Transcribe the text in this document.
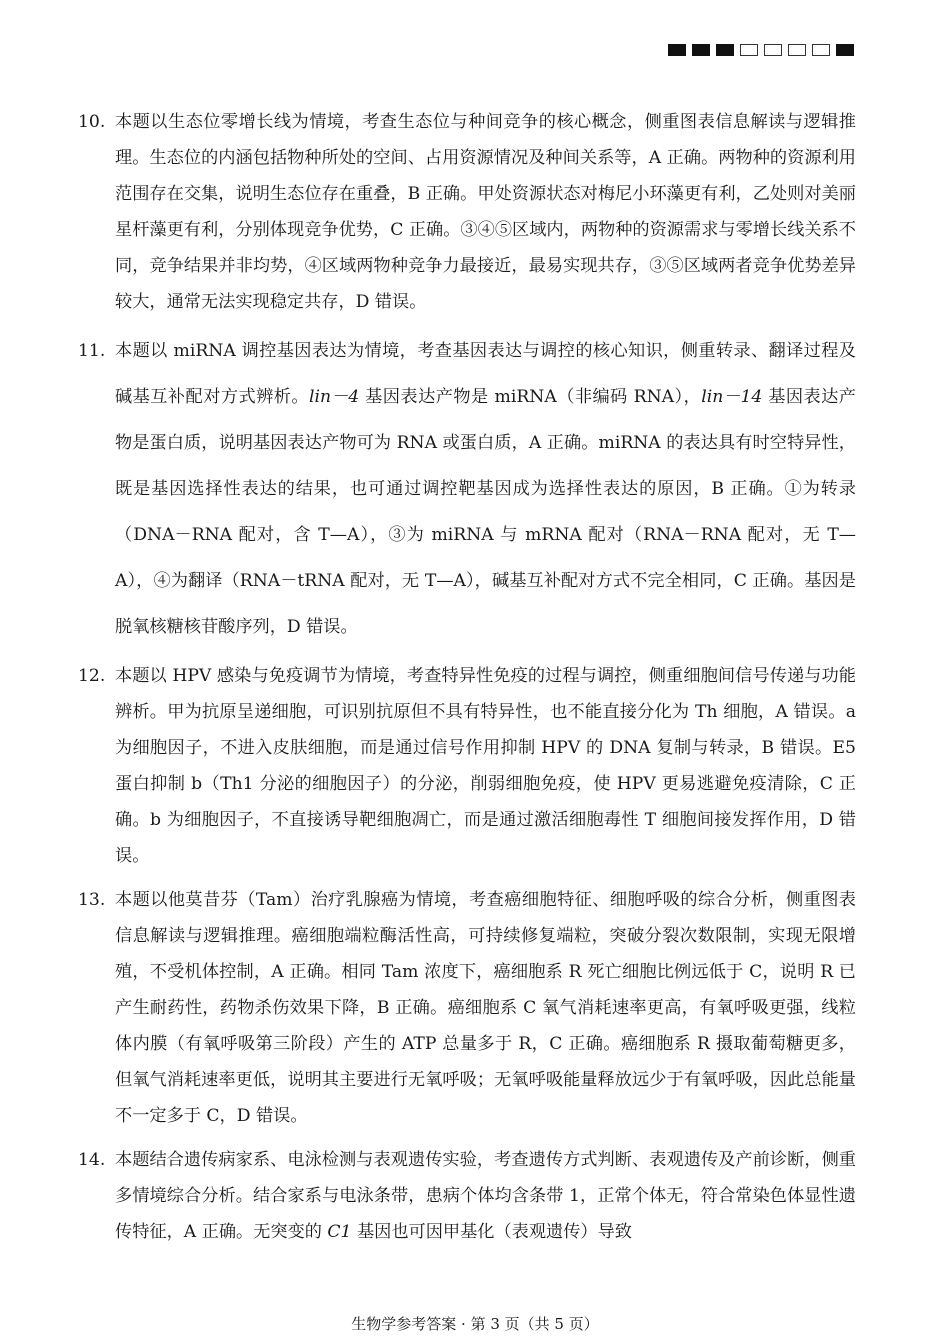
10. 本题以生态位零增长线为情境，考查生态位与种间竞争的核心概念，侧重图表信息解读与逻辑推理。生态位的内涵包括物种所处的空间、占用资源情况及种间关系等，A 正确。两物种的资源利用范围存在交集，说明生态位存在重叠，B 正确。甲处资源状态对梅尼小环藻更有利，乙处则对美丽星杆藻更有利，分别体现竞争优势，C 正确。③④⑤区域内，两物种的资源需求与零增长线关系不同，竞争结果并非均势，④区域两物种竞争力最接近，最易实现共存，③⑤区域两者竞争优势差异较大，通常无法实现稳定共存，D 错误。
11. 本题以 miRNA 调控基因表达为情境，考查基因表达与调控的核心知识，侧重转录、翻译过程及碱基互补配对方式辨析。lin－4 基因表达产物是 miRNA（非编码 RNA），lin－14 基因表达产物是蛋白质，说明基因表达产物可为 RNA 或蛋白质，A 正确。miRNA 的表达具有时空特异性，既是基因选择性表达的结果，也可通过调控靶基因成为选择性表达的原因，B 正确。①为转录（DNA－RNA 配对，含 T—A），③为 miRNA 与 mRNA 配对（RNA－RNA 配对，无 T—A），④为翻译（RNA－tRNA 配对，无 T—A），碱基互补配对方式不完全相同，C 正确。基因是脱氧核糖核苷酸序列，D 错误。
12. 本题以 HPV 感染与免疫调节为情境，考查特异性免疫的过程与调控，侧重细胞间信号传递与功能辨析。甲为抗原呈递细胞，可识别抗原但不具有特异性，也不能直接分化为 Th 细胞，A 错误。a 为细胞因子，不进入皮肤细胞，而是通过信号作用抑制 HPV 的 DNA 复制与转录，B 错误。E5 蛋白抑制 b（Th1 分泌的细胞因子）的分泌，削弱细胞免疫，使 HPV 更易逃避免疫清除，C 正确。b 为细胞因子，不直接诱导靶细胞凋亡，而是通过激活细胞毒性 T 细胞间接发挥作用，D 错误。
13. 本题以他莫昔芬（Tam）治疗乳腺癌为情境，考查癌细胞特征、细胞呼吸的综合分析，侧重图表信息解读与逻辑推理。癌细胞端粒酶活性高，可持续修复端粒，突破分裂次数限制，实现无限增殖，不受机体控制，A 正确。相同 Tam 浓度下，癌细胞系 R 死亡细胞比例远低于 C，说明 R 已产生耐药性，药物杀伤效果下降，B 正确。癌细胞系 C 氧气消耗速率更高，有氧呼吸更强，线粒体内膜（有氧呼吸第三阶段）产生的 ATP 总量多于 R，C 正确。癌细胞系 R 摄取葡萄糖更多，但氧气消耗速率更低，说明其主要进行无氧呼吸；无氧呼吸能量释放远少于有氧呼吸，因此总能量不一定多于 C，D 错误。
14. 本题结合遗传病家系、电泳检测与表观遗传实验，考查遗传方式判断、表观遗传及产前诊断，侧重多情境综合分析。结合家系与电泳条带，患病个体均含条带 1，正常个体无，符合常染色体显性遗传特征，A 正确。无突变的 C1 基因也可因甲基化（表观遗传）导致
生物学参考答案 · 第 3 页（共 5 页）
